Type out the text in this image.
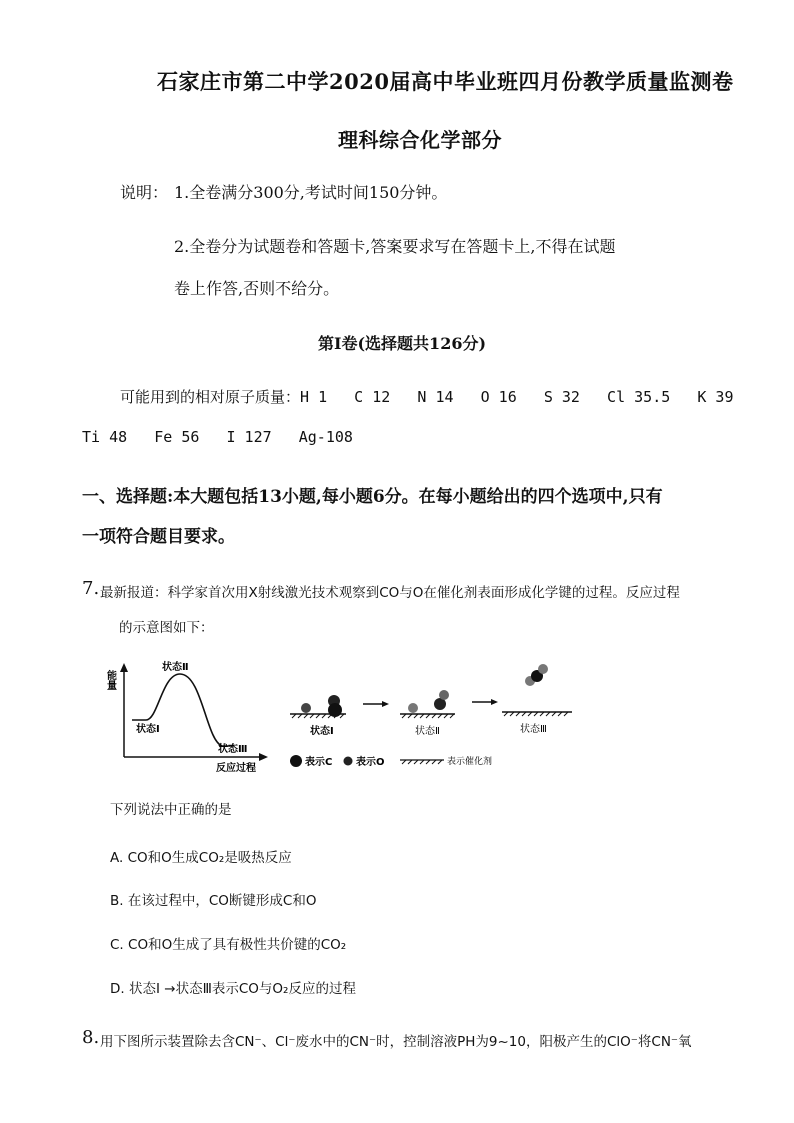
石家庄市第二中学2020届高中毕业班四月份教学质量监测卷
理科综合化学部分
说明： 1.全卷满分300分,考试时间150分钟。
2.全卷分为试题卷和答题卡,答案要求写在答题卡上,不得在试题
卷上作答,否则不给分。
第Ⅰ卷(选择题共126分)
可能用到的相对原子质量：H 1   C 12   N 14   O 16   S 32   Cl 35.5   K 39
Ti 48   Fe 56   I 127   Ag-108
一、选择题:本大题包括13小题,每小题6分。在每小题给出的四个选项中,只有
一项符合题目要求。
7. 最新报道：科学家首次用X射线激光技术观察到CO与O在催化剂表面形成化学键的过程。反应过程
的示意图如下：
能量
状态Ⅱ
状态Ⅰ
状态Ⅲ
反应过程
状态Ⅰ	状态Ⅱ	状态Ⅲ
表示C 表示O	表示催化剂
下列说法中正确的是
A. CO和O生成CO₂是吸热反应
B. 在该过程中，CO断键形成C和O
C. CO和O生成了具有极性共价键的CO₂
D. 状态Ⅰ →状态Ⅲ表示CO与O₂反应的过程
8. 用下图所示装置除去含CN⁻、Cl⁻废水中的CN⁻时，控制溶液PH为9~10，阳极产生的ClO⁻将CN⁻氧
